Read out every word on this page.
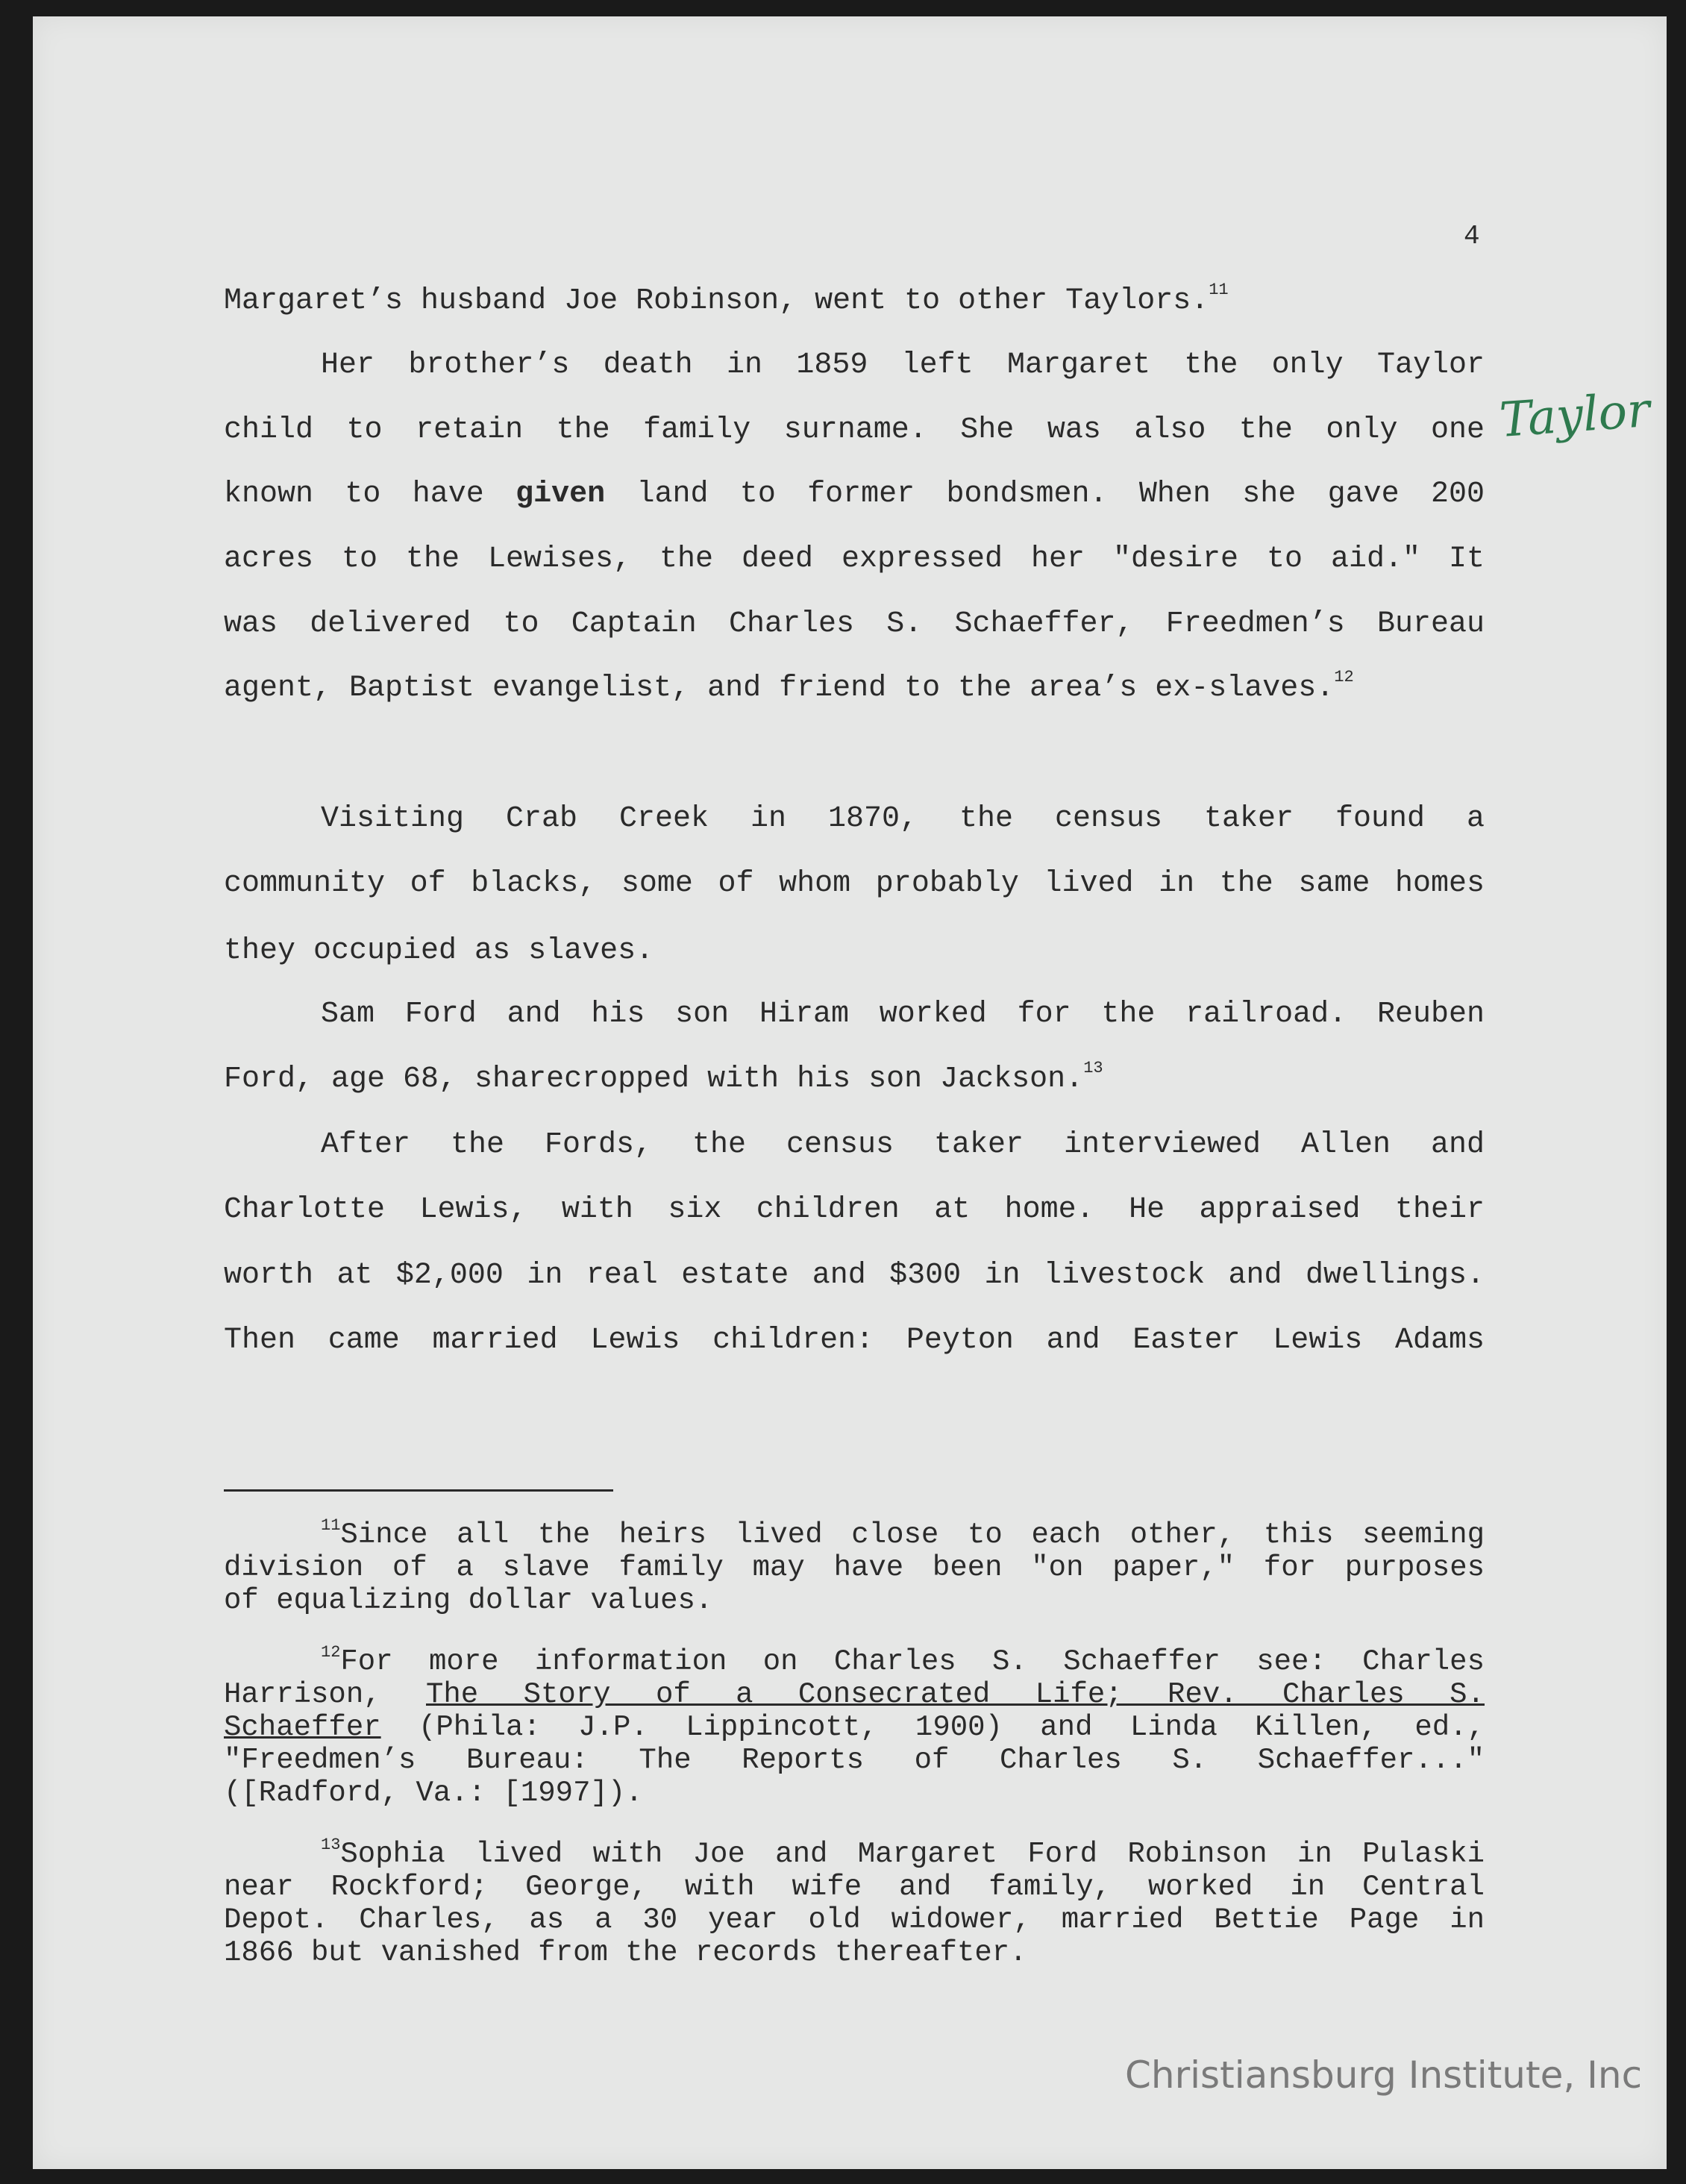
4
Margaret’s husband Joe Robinson, went to other Taylors.$^{11}$
Her brother’s death in 1859 left Margaret the only Taylor
child to retain the family surname. She was also the only one
known to have given land to former bondsmen. When she gave 200
acres to the Lewises, the deed expressed her "desire to aid." It
was delivered to Captain Charles S. Schaeffer, Freedmen’s Bureau
agent, Baptist evangelist, and friend to the area’s ex-slaves.$^{12}$
Visiting Crab Creek in 1870, the census taker found a
community of blacks, some of whom probably lived in the same homes
they occupied as slaves.
Sam Ford and his son Hiram worked for the railroad. Reuben
Ford, age 68, sharecropped with his son Jackson.$^{13}$
After the Fords, the census taker interviewed Allen and
Charlotte Lewis, with six children at home. He appraised their
worth at $2,000 in real estate and $300 in livestock and dwellings.
Then came married Lewis children: Peyton and Easter Lewis Adams
Taylor
$^{11}$Since all the heirs lived close to each other, this seeming
division of a slave family may have been "on paper," for purposes
of equalizing dollar values.
$^{12}$For more information on Charles S. Schaeffer see: Charles
Harrison, The Story of a Consecrated Life; Rev. Charles S.
Schaeffer (Phila: J.P. Lippincott, 1900) and Linda Killen, ed.,
"Freedmen’s Bureau: The Reports of Charles S. Schaeffer..."
([Radford, Va.: [1997]).
$^{13}$Sophia lived with Joe and Margaret Ford Robinson in Pulaski
near Rockford; George, with wife and family, worked in Central
Depot. Charles, as a 30 year old widower, married Bettie Page in
1866 but vanished from the records thereafter.
Christiansburg Institute, Inc
